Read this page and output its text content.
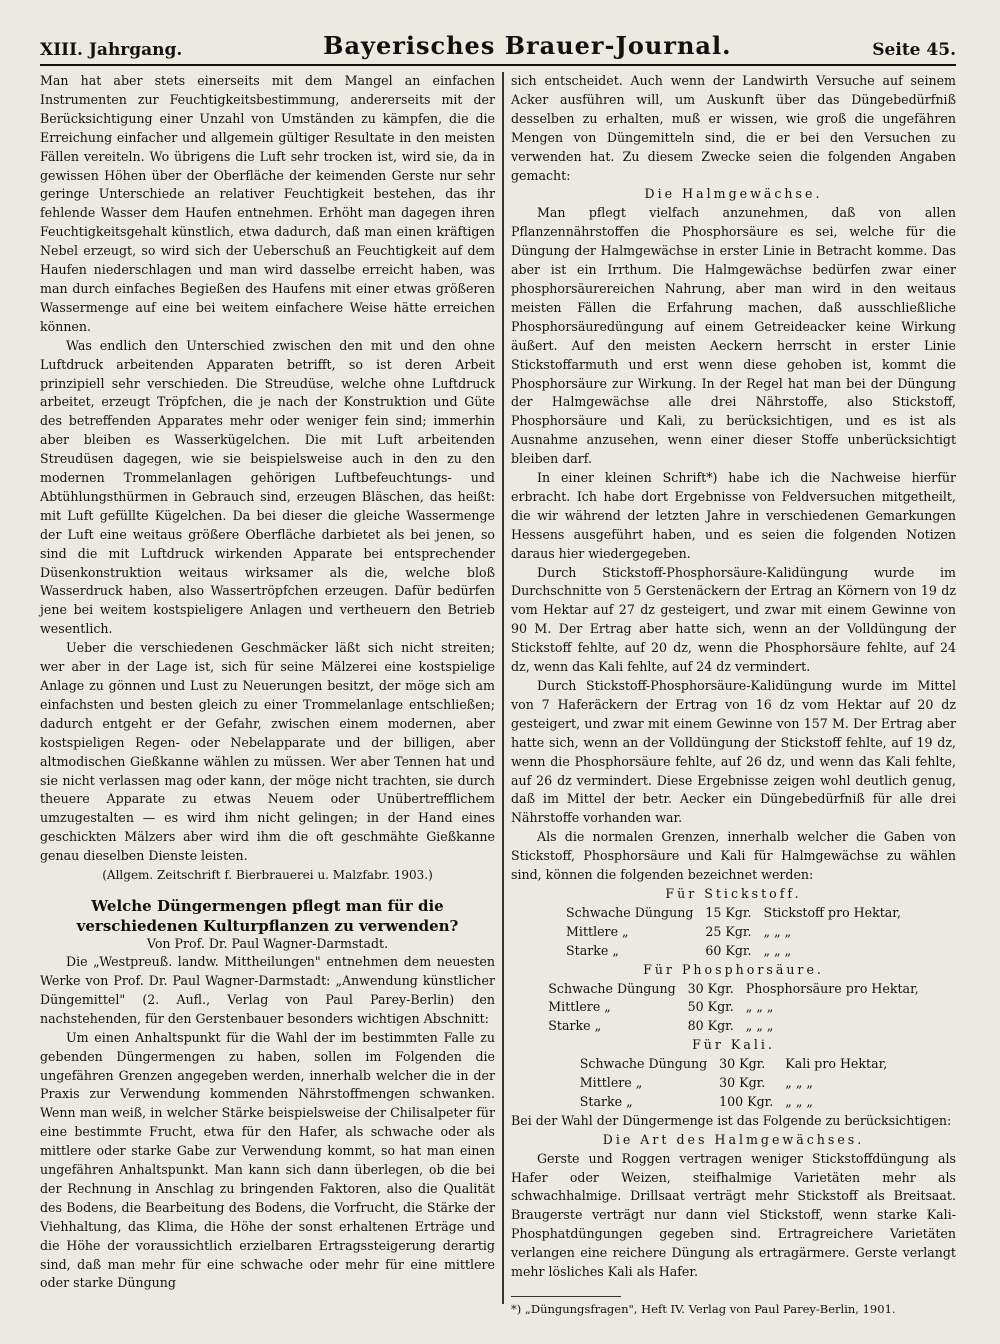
XIII. Jahrgang.	Bayerisches Brauer-Journal.	Seite 45.

Man hat aber stets einerseits mit dem Mangel an einfachen Instrumenten zur Feuchtigkeitsbestimmung, andererseits mit der Berücksichtigung einer Unzahl von Umständen zu kämpfen, die die Erreichung einfacher und allgemein gültiger Resultate in den meisten Fällen vereiteln. Wo übrigens die Luft sehr trocken ist, wird sie, da in gewissen Höhen über der Oberfläche der keimenden Gerste nur sehr geringe Unterschiede an relativer Feuchtigkeit bestehen, das ihr fehlende Wasser dem Haufen entnehmen. Erhöht man dagegen ihren Feuchtigkeitsgehalt künstlich, etwa dadurch, daß man einen kräftigen Nebel erzeugt, so wird sich der Ueberschuß an Feuchtigkeit auf dem Haufen niederschlagen und man wird dasselbe erreicht haben, was man durch einfaches Begießen des Haufens mit einer etwas größeren Wassermenge auf eine bei weitem einfachere Weise hätte erreichen können.

Was endlich den Unterschied zwischen den mit und den ohne Luftdruck arbeitenden Apparaten betrifft, so ist deren Arbeit prinzipiell sehr verschieden. Die Streudüse, welche ohne Luftdruck arbeitet, erzeugt Tröpfchen, die je nach der Konstruktion und Güte des betreffenden Apparates mehr oder weniger fein sind; immerhin aber bleiben es Wasserkügelchen. Die mit Luft arbeitenden Streudüsen dagegen, wie sie beispielsweise auch in den zu den modernen Trommelanlagen gehörigen Luftbefeuchtungs- und Abtühlungsthürmen in Gebrauch sind, erzeugen Bläschen, das heißt: mit Luft gefüllte Kügelchen. Da bei dieser die gleiche Wassermenge der Luft eine weitaus größere Oberfläche darbietet als bei jenen, so sind die mit Luftdruck wirkenden Apparate bei entsprechender Düsenkonstruktion weitaus wirksamer als die, welche bloß Wasserdruck haben, also Wassertröpfchen erzeugen. Dafür bedürfen jene bei weitem kostspieligere Anlagen und vertheuern den Betrieb wesentlich.

Ueber die verschiedenen Geschmäcker läßt sich nicht streiten; wer aber in der Lage ist, sich für seine Mälzerei eine kostspielige Anlage zu gönnen und Lust zu Neuerungen besitzt, der möge sich am einfachsten und besten gleich zu einer Trommelanlage entschließen; dadurch entgeht er der Gefahr, zwischen einem modernen, aber kostspieligen Regen- oder Nebelapparate und der billigen, aber altmodischen Gießkanne wählen zu müssen. Wer aber Tennen hat und sie nicht verlassen mag oder kann, der möge nicht trachten, sie durch theuere Apparate zu etwas Neuem oder Unübertrefflichem umzugestalten — es wird ihm nicht gelingen; in der Hand eines geschickten Mälzers aber wird ihm die oft geschmähte Gießkanne genau dieselben Dienste leisten.

(Allgem. Zeitschrift f. Bierbrauerei u. Malzfabr. 1903.)
Welche Düngermengen pflegt man für die verschiedenen Kulturpflanzen zu verwenden?
Von Prof. Dr. Paul Wagner-Darmstadt.

Die „Westpreuß. landw. Mittheilungen" entnehmen dem neuesten Werke von Prof. Dr. Paul Wagner-Darmstadt: „Anwendung künstlicher Düngemittel" (2. Aufl., Verlag von Paul Parey-Berlin) den nachstehenden, für den Gerstenbauer besonders wichtigen Abschnitt:

Um einen Anhaltspunkt für die Wahl der im bestimmten Falle zu gebenden Düngermengen zu haben, sollen im Folgenden die ungefähren Grenzen angegeben werden, innerhalb welcher die in der Praxis zur Verwendung kommenden Nährstoffmengen schwanken. Wenn man weiß, in welcher Stärke beispielsweise der Chilisalpeter für eine bestimmte Frucht, etwa für den Hafer, als schwache oder als mittlere oder starke Gabe zur Verwendung kommt, so hat man einen ungefähren Anhaltspunkt. Man kann sich dann überlegen, ob die bei der Rechnung in Anschlag zu bringenden Faktoren, also die Qualität des Bodens, die Bearbeitung des Bodens, die Vorfrucht, die Stärke der Viehhaltung, das Klima, die Höhe der sonst erhaltenen Erträge und die Höhe der voraussichtlich erzielbaren Ertragssteigerung derartig sind, daß man mehr für eine schwache oder mehr für eine mittlere oder starke Düngung

sich entscheidet. Auch wenn der Landwirth Versuche auf seinem Acker ausführen will, um Auskunft über das Düngebedürfniß desselben zu erhalten, muß er wissen, wie groß die ungefähren Mengen von Düngemitteln sind, die er bei den Versuchen zu verwenden hat. Zu diesem Zwecke seien die folgenden Angaben gemacht:

Die Halmgewächse.

Man pflegt vielfach anzunehmen, daß von allen Pflanzennährstoffen die Phosphorsäure es sei, welche für die Düngung der Halmgewächse in erster Linie in Betracht komme. Das aber ist ein Irrthum. Die Halmgewächse bedürfen zwar einer phosphorsäurereichen Nahrung, aber man wird in den weitaus meisten Fällen die Erfahrung machen, daß ausschließliche Phosphorsäuredüngung auf einem Getreideacker keine Wirkung äußert. Auf den meisten Aeckern herrscht in erster Linie Stickstoffarmuth und erst wenn diese gehoben ist, kommt die Phosphorsäure zur Wirkung. In der Regel hat man bei der Düngung der Halmgewächse alle drei Nährstoffe, also Stickstoff, Phosphorsäure und Kali, zu berücksichtigen, und es ist als Ausnahme anzusehen, wenn einer dieser Stoffe unberücksichtigt bleiben darf.

In einer kleinen Schrift*) habe ich die Nachweise hierfür erbracht. Ich habe dort Ergebnisse von Feldversuchen mitgetheilt, die wir während der letzten Jahre in verschiedenen Gemarkungen Hessens ausgeführt haben, und es seien die folgenden Notizen daraus hier wiedergegeben.

Durch Stickstoff-Phosphorsäure-Kalidüngung wurde im Durchschnitte von 5 Gerstenäckern der Ertrag an Körnern von 19 dz vom Hektar auf 27 dz gesteigert, und zwar mit einem Gewinne von 90 M. Der Ertrag aber hatte sich, wenn an der Volldüngung der Stickstoff fehlte, auf 20 dz, wenn die Phosphorsäure fehlte, auf 24 dz, wenn das Kali fehlte, auf 24 dz vermindert.

Durch Stickstoff-Phosphorsäure-Kalidüngung wurde im Mittel von 7 Haferäckern der Ertrag von 16 dz vom Hektar auf 20 dz gesteigert, und zwar mit einem Gewinne von 157 M. Der Ertrag aber hatte sich, wenn an der Volldüngung der Stickstoff fehlte, auf 19 dz, wenn die Phosphorsäure fehlte, auf 26 dz, und wenn das Kali fehlte, auf 26 dz vermindert. Diese Ergebnisse zeigen wohl deutlich genug, daß im Mittel der betr. Aecker ein Düngebedürfniß für alle drei Nährstoffe vorhanden war.

Als die normalen Grenzen, innerhalb welcher die Gaben von Stickstoff, Phosphorsäure und Kali für Halmgewächse zu wählen sind, können die folgenden bezeichnet werden:

Für Stickstoff.

Schwache Düngung	15 Kgr.	Stickstoff pro Hektar,
Mittlere „	25 Kgr.	„ „ „
Starke „	60 Kgr.	„ „ „

Für Phosphorsäure.

Schwache Düngung	30 Kgr.	Phosphorsäure pro Hektar,
Mittlere „	50 Kgr.	„ „ „
Starke „	80 Kgr.	„ „ „

Für Kali.

Schwache Düngung	30 Kgr.	Kali pro Hektar,
Mittlere „	30 Kgr.	„ „ „
Starke „	100 Kgr.	„ „ „

Bei der Wahl der Düngermenge ist das Folgende zu berücksichtigen:

Die Art des Halmgewächses.

Gerste und Roggen vertragen weniger Stickstoffdüngung als Hafer oder Weizen, steifhalmige Varietäten mehr als schwachhalmige. Drillsaat verträgt mehr Stickstoff als Breitsaat. Braugerste verträgt nur dann viel Stickstoff, wenn starke Kali-Phosphatdüngungen gegeben sind. Ertragreichere Varietäten verlangen eine reichere Düngung als ertragärmere. Gerste verlangt mehr lösliches Kali als Hafer.

*) „Düngungsfragen", Heft IV. Verlag von Paul Parey-Berlin, 1901.
